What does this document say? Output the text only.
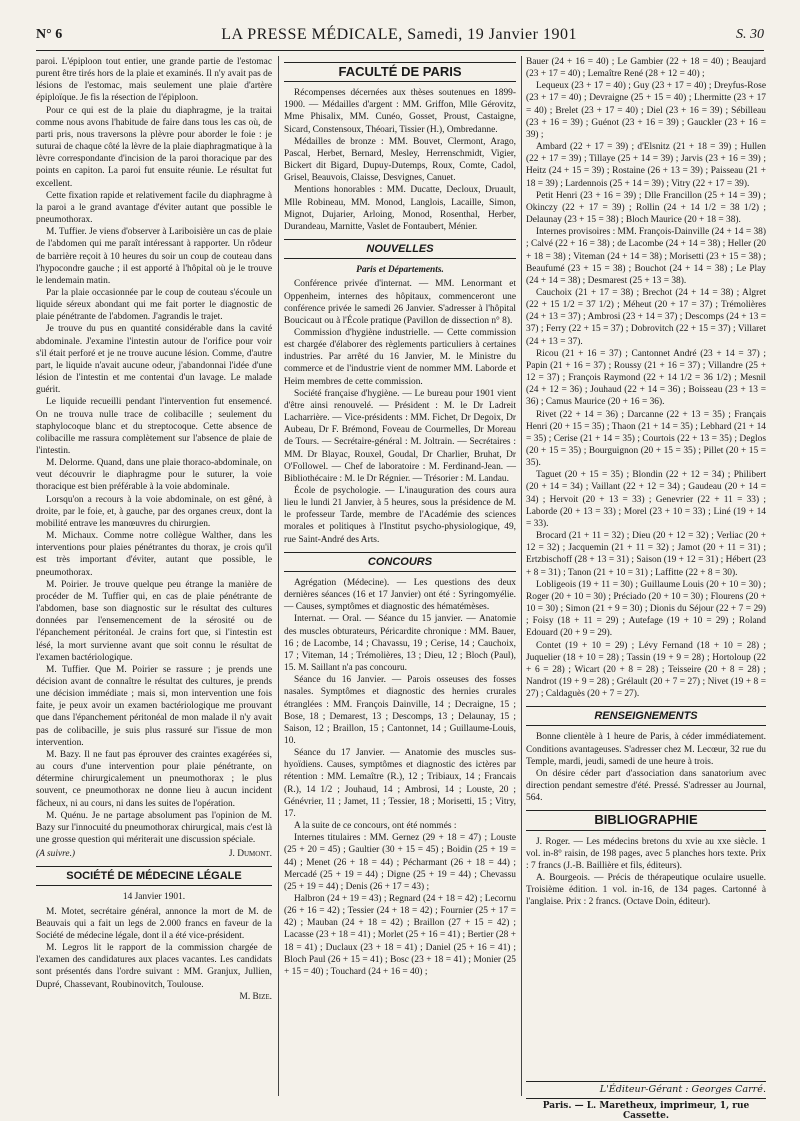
N° 6	LA PRESSE MÉDICALE, Samedi, 19 Janvier 1901	S. 30

paroi. L'épiploon tout entier, une grande partie de l'estomac purent être tirés hors de la plaie et examinés. Il n'y avait pas de lésions de l'estomac, mais seulement une plaie d'artère épiploïque. Je fis la résection de l'épiploon.

Pour ce qui est de la plaie du diaphragme, je la traitai comme nous avons l'habitude de faire dans tous les cas où, de parti pris, nous traversons la plèvre pour aborder le foie : je suturai de chaque côté la lèvre de la plaie diaphragmatique à la lèvre correspondante d'incision de la paroi thoracique par des points en capiton. La paroi fut ensuite réunie. Le résultat fut excellent.

Cette fixation rapide et relativement facile du diaphragme à la paroi a le grand avantage d'éviter autant que possible le pneumothorax.

M. Tuffier. Je viens d'observer à Lariboisière un cas de plaie de l'abdomen qui me paraît intéressant à rapporter. Un rôdeur de barrière reçoit à 10 heures du soir un coup de couteau dans l'hypocondre gauche ; il est apporté à l'hôpital où je le trouve le lendemain matin.

Par la plaie occasionnée par le coup de couteau s'écoule un liquide séreux abondant qui me fait porter le diagnostic de plaie pénétrante de l'abdomen. J'agrandis le trajet.

Je trouve du pus en quantité considérable dans la cavité abdominale. J'examine l'intestin autour de l'orifice pour voir s'il était perforé et je ne trouve aucune lésion. Comme, d'autre part, le liquide n'avait aucune odeur, j'abandonnai l'idée d'une lésion de l'intestin et me contentai d'un lavage. Le malade guérit.

Le liquide recueilli pendant l'intervention fut ensemencé. On ne trouva nulle trace de colibacille ; seulement du staphylocoque blanc et du streptocoque. Cette absence de colibacille me rassura complètement sur l'absence de plaie de l'intestin.

M. Delorme. Quand, dans une plaie thoraco-abdominale, on veut découvrir le diaphragme pour le suturer, la voie thoracique est bien préférable à la voie abdominale.

Lorsqu'on a recours à la voie abdominale, on est gêné, à droite, par le foie, et, à gauche, par des organes creux, dont la mobilité entrave les manœuvres du chirurgien.

M. Michaux. Comme notre collègue Walther, dans les interventions pour plaies pénétrantes du thorax, je crois qu'il est très important d'éviter, autant que possible, le pneumothorax.

M. Poirier. Je trouve quelque peu étrange la manière de procéder de M. Tuffier qui, en cas de plaie pénétrante de l'abdomen, base son diagnostic sur le résultat des cultures données par l'ensemencement de la sérosité ou de l'épanchement péritonéal. Je crains fort que, si l'intestin est lésé, la mort survienne avant que soit connu le résultat de l'examen bactériologique.

M. Tuffier. Que M. Poirier se rassure ; je prends une décision avant de connaître le résultat des cultures, je prends une décision immédiate ; mais si, mon intervention une fois faite, je peux avoir un examen bactériologique me prouvant que dans l'épanchement péritonéal de mon malade il n'y avait pas de colibacille, je suis plus rassuré sur l'issue de mon intervention.

M. Bazy. Il ne faut pas éprouver des craintes exagérées si, au cours d'une intervention pour plaie pénétrante, on détermine chirurgicalement un pneumothorax ; le plus souvent, ce pneumothorax ne donne lieu à aucun incident fâcheux, ni au cours, ni dans les suites de l'opération.

M. Quénu. Je ne partage absolument pas l'opinion de M. Bazy sur l'innocuité du pneumothorax chirurgical, mais c'est là une grosse question qui mériterait une discussion spéciale.

(A suivre.)	J. Dumont.
SOCIÉTÉ DE MÉDECINE LÉGALE
14 Janvier 1901.

M. Motet, secrétaire général, annonce la mort de M. de Beauvais qui a fait un legs de 2.000 francs en faveur de la Société de médecine légale, dont il a été vice-président.

M. Legros lit le rapport de la commission chargée de l'examen des candidatures aux places vacantes. Les candidats sont présentés dans l'ordre suivant : MM. Granjux, Jullien, Dupré, Chassevant, Roubinovitch, Toulouse.

M. Bize.
FACULTÉ DE PARIS

Récompenses décernées aux thèses soutenues en 1899-1900. — Médailles d'argent : MM. Griffon, Mlle Gérovitz, Mme Phisalix, MM. Cunéo, Gosset, Proust, Castaigne, Sicard, Constensoux, Théoari, Tissier (H.), Ombredanne.

Médailles de bronze : MM. Bouvet, Clermont, Arago, Pascal, Herbet, Bernard, Mesley, Herrenschmidt, Vigier, Bickert dit Bigard, Dupuy-Dutemps, Roux, Comte, Cadol, Grisel, Beauvois, Claisse, Desvignes, Canuet.

Mentions honorables : MM. Ducatte, Decloux, Druault, Mlle Robineau, MM. Monod, Langlois, Lacaille, Simon, Mignot, Dujarier, Arloing, Monod, Rosenthal, Herber, Durandeau, Marnitte, Vaslet de Fontaubert, Ménier.

NOUVELLES
Paris et Départements.

Conférence privée d'internat. — MM. Lenormant et Oppenheim, internes des hôpitaux, commenceront une conférence privée le samedi 26 Janvier. S'adresser à l'hôpital Boucicaut ou à l'École pratique (Pavillon de dissection n° 8).

Commission d'hygiène industrielle. — Cette commission est chargée d'élaborer des règlements particuliers à certaines industries. Par arrêté du 16 Janvier, M. le Ministre du commerce et de l'industrie vient de nommer MM. Laborde et Heim membres de cette commission.

Société française d'hygiène. — Le bureau pour 1901 vient d'être ainsi renouvelé. — Président : M. le Dr Ladreit Lacharrière. — Vice-présidents : MM. Fichet, Dr Degoix, Dr Aubeau, Dr F. Brémond, Foveau de Courmelles, Dr Moreau de Tours. — Secrétaire-général : M. Joltrain. — Secrétaires : MM. Dr Blayac, Rouxel, Goudal, Dr Charlier, Bruhat, Dr O'Followel. — Chef de laboratoire : M. Ferdinand-Jean. — Bibliothécaire : M. le Dr Régnier. — Trésorier : M. Landau.

École de psychologie. — L'inauguration des cours aura lieu le lundi 21 Janvier, à 5 heures, sous la présidence de M. le professeur Tarde, membre de l'Académie des sciences morales et politiques à l'Institut psycho-physiologique, 49, rue Saint-André des Arts.

CONCOURS

Agrégation (Médecine). — Les questions des deux dernières séances (16 et 17 Janvier) ont été : Syringomyélie. — Causes, symptômes et diagnostic des hématémèses.

Internat. — Oral. — Séance du 15 janvier. — Anatomie des muscles obturateurs, Péricardite chronique : MM. Bauer, 16 ; de Lacombe, 14 ; Chavassu, 19 ; Cerise, 14 ; Cauchoix, 17 ; Viteman, 14 ; Trémolières, 13 ; Dieu, 12 ; Bloch (Paul), 15. M. Saillant n'a pas concouru.

Séance du 16 Janvier. — Parois osseuses des fosses nasales. Symptômes et diagnostic des hernies crurales étranglées : MM. François Dainville, 14 ; Decraigne, 15 ; Bose, 18 ; Demarest, 13 ; Descomps, 13 ; Delaunay, 15 ; Saison, 12 ; Braillon, 15 ; Cantonnet, 14 ; Guillaume-Louis, 10.

Séance du 17 Janvier. — Anatomie des muscles sus-hyoïdiens. Causes, symptômes et diagnostic des ictères par rétention : MM. Lemaître (R.), 12 ; Tribiaux, 14 ; Francais (R.), 14 1/2 ; Jouhaud, 14 ; Ambrosi, 14 ; Louste, 20 ; Génévrier, 11 ; Jamet, 11 ; Tessier, 18 ; Morisetti, 15 ; Vitry, 17.

A la suite de ce concours, ont été nommés :

Internes titulaires : MM. Gernez (29 + 18 = 47) ; Louste (25 + 20 = 45) ; Gaultier (30 + 15 = 45) ; Boidin (25 + 19 = 44) ; Menet (26 + 18 = 44) ; Pécharmant (26 + 18 = 44) ; Mercadé (25 + 19 = 44) ; Digne (25 + 19 = 44) ; Chevassu (25 + 19 = 44) ; Denis (26 + 17 = 43) ;

Halbron (24 + 19 = 43) ; Regnard (24 + 18 = 42) ; Lecornu (26 + 16 = 42) ; Tessier (24 + 18 = 42) ; Fournier (25 + 17 = 42) ; Mauban (24 + 18 = 42) ; Braillon (27 + 15 = 42) ; Lacasse (23 + 18 = 41) ; Morlet (25 + 16 = 41) ; Bertier (28 + 18 = 41) ; Duclaux (23 + 18 = 41) ; Daniel (25 + 16 = 41) ; Bloch Paul (26 + 15 = 41) ; Bosc (23 + 18 = 41) ; Monier (25 + 15 = 40) ; Touchard (24 + 16 = 40) ;

Bauer (24 + 16 = 40) ; Le Gambier (22 + 18 = 40) ; Beaujard (23 + 17 = 40) ; Lemaître René (28 + 12 = 40) ;

Lequeux (23 + 17 = 40) ; Guy (23 + 17 = 40) ; Dreyfus-Rose (23 + 17 = 40) ; Devraigne (25 + 15 = 40) ; Lhermitte (23 + 17 = 40) ; Brelet (23 + 17 = 40) ; Diel (23 + 16 = 39) ; Sébilleau (23 + 16 = 39) ; Guénot (23 + 16 = 39) ; Gauckler (23 + 16 = 39) ;

Ambard (22 + 17 = 39) ; d'Elsnitz (21 + 18 = 39) ; Hullen (22 + 17 = 39) ; Tillaye (25 + 14 = 39) ; Jarvis (23 + 16 = 39) ; Heitz (24 + 15 = 39) ; Rostaine (26 + 13 = 39) ; Paisseau (21 + 18 = 39) ; Lardennois (25 + 14 = 39) ; Vitry (22 + 17 = 39).

Petit Henri (23 + 16 = 39) ; Dlle Francillon (25 + 14 = 39) ; Okinczy (22 + 17 = 39) ; Rollin (24 + 14 1/2 = 38 1/2) ; Delaunay (23 + 15 = 38) ; Bloch Maurice (20 + 18 = 38).

Internes provisoires : MM. François-Dainville (24 + 14 = 38) ; Calvé (22 + 16 = 38) ; de Lacombe (24 + 14 = 38) ; Heller (20 + 18 = 38) ; Viteman (24 + 14 = 38) ; Morisetti (23 + 15 = 38) ; Beaufumé (23 + 15 = 38) ; Bouchot (24 + 14 = 38) ; Le Play (24 + 14 = 38) ; Desmarest (25 + 13 = 38).

Cauchoix (21 + 17 = 38) ; Brechot (24 + 14 = 38) ; Algret (22 + 15 1/2 = 37 1/2) ; Méheut (20 + 17 = 37) ; Trémolières (24 + 13 = 37) ; Ambrosi (23 + 14 = 37) ; Descomps (24 + 13 = 37) ; Ferry (22 + 15 = 37) ; Dobrovitch (22 + 15 = 37) ; Villaret (24 + 13 = 37).

Ricou (21 + 16 = 37) ; Cantonnet André (23 + 14 = 37) ; Papin (21 + 16 = 37) ; Roussy (21 + 16 = 37) ; Villandre (25 + 12 = 37) ; François Raymond (22 + 14 1/2 = 36 1/2) ; Mesnil (24 + 12 = 36) ; Jouhaud (22 + 14 = 36) ; Boisseau (23 + 13 = 36) ; Camus Maurice (20 + 16 = 36).

Rivet (22 + 14 = 36) ; Darcanne (22 + 13 = 35) ; Français Henri (20 + 15 = 35) ; Thaon (21 + 14 = 35) ; Lebhard (21 + 14 = 35) ; Cerise (21 + 14 = 35) ; Courtois (22 + 13 = 35) ; Deglos (20 + 15 = 35) ; Bourguignon (20 + 15 = 35) ; Pillet (20 + 15 = 35).

Taguet (20 + 15 = 35) ; Blondin (22 + 12 = 34) ; Philibert (20 + 14 = 34) ; Vaillant (22 + 12 = 34) ; Gaudeau (20 + 14 = 34) ; Hervoit (20 + 13 = 33) ; Genevrier (22 + 11 = 33) ; Laborde (20 + 13 = 33) ; Morel (23 + 10 = 33) ; Liné (19 + 14 = 33).

Brocard (21 + 11 = 32) ; Dieu (20 + 12 = 32) ; Verliac (20 + 12 = 32) ; Jacquemin (21 + 11 = 32) ; Jamot (20 + 11 = 31) ; Ertzbischoff (28 + 13 = 31) ; Saison (19 + 12 = 31) ; Hébert (23 + 8 = 31) ; Tanon (21 + 10 = 31) ; Laffitte (22 + 8 = 30).

Lobligeois (19 + 11 = 30) ; Guillaume Louis (20 + 10 = 30) ; Roger (20 + 10 = 30) ; Préciado (20 + 10 = 30) ; Flourens (20 + 10 = 30) ; Simon (21 + 9 = 30) ; Dionis du Séjour (22 + 7 = 29) ; Foisy (18 + 11 = 29) ; Autefage (19 + 10 = 29) ; Roland Edouard (20 + 9 = 29).

Contet (19 + 10 = 29) ; Lévy Fernand (18 + 10 = 28) ; Juquelier (18 + 10 = 28) ; Tassin (19 + 9 = 28) ; Hortoloup (22 + 6 = 28) ; Wicart (20 + 8 = 28) ; Teisseire (20 + 8 = 28) ; Nandrot (19 + 9 = 28) ; Grélault (20 + 7 = 27) ; Nivet (19 + 8 = 27) ; Caldaguès (20 + 7 = 27).

RENSEIGNEMENTS

Bonne clientèle à 1 heure de Paris, à céder immédiatement. Conditions avantageuses. S'adresser chez M. Lecœur, 32 rue du Temple, mardi, jeudi, samedi de une heure à trois.

On désire céder part d'association dans sanatorium avec direction pendant semestre d'été. Pressé. S'adresser au Journal, 564.

BIBLIOGRAPHIE

J. Roger. — Les médecins bretons du xvie au xxe siècle. 1 vol. in-8° raisin, de 198 pages, avec 5 planches hors texte. Prix : 7 francs (J.-B. Baillière et fils, éditeurs).

A. Bourgeois. — Précis de thérapeutique oculaire usuelle. Troisième édition. 1 vol. in-16, de 134 pages. Cartonné à l'anglaise. Prix : 2 francs. (Octave Doin, éditeur).

L'Éditeur-Gérant : Georges Carré.
Paris. — L. Maretheux, imprimeur, 1, rue Cassette.
